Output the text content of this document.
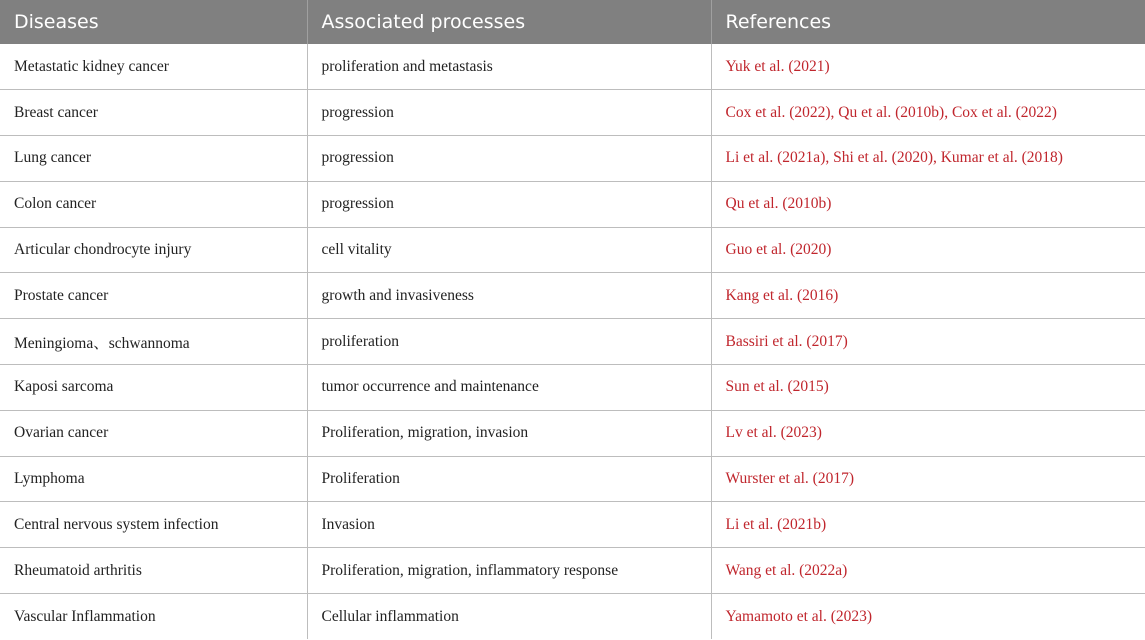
Diseases	Associated processes	References
Metastatic kidney cancer	proliferation and metastasis	Yuk et al. (2021)
Breast cancer	progression	Cox et al. (2022), Qu et al. (2010b), Cox et al. (2022)
Lung cancer	progression	Li et al. (2021a), Shi et al. (2020), Kumar et al. (2018)
Colon cancer	progression	Qu et al. (2010b)
Articular chondrocyte injury	cell vitality	Guo et al. (2020)
Prostate cancer	growth and invasiveness	Kang et al. (2016)
Meningioma、schwannoma	proliferation	Bassiri et al. (2017)
Kaposi sarcoma	tumor occurrence and maintenance	Sun et al. (2015)
Ovarian cancer	Proliferation, migration, invasion	Lv et al. (2023)
Lymphoma	Proliferation	Wurster et al. (2017)
Central nervous system infection	Invasion	Li et al. (2021b)
Rheumatoid arthritis	Proliferation, migration, inflammatory response	Wang et al. (2022a)
Vascular Inflammation	Cellular inflammation	Yamamoto et al. (2023)
